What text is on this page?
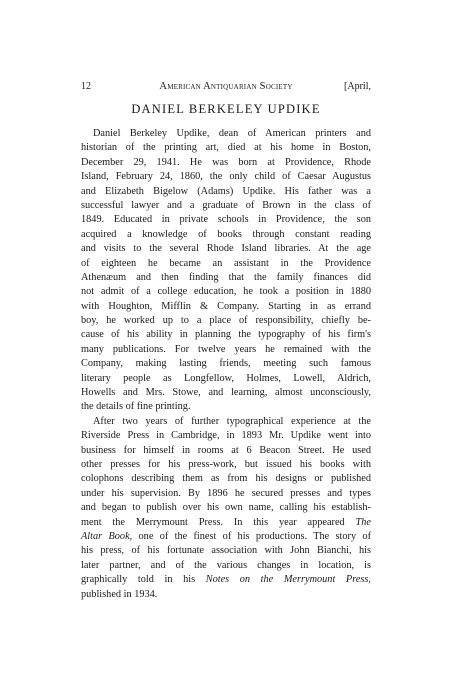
12	American Antiquarian Society	[April,
DANIEL BERKELEY UPDIKE
Daniel Berkeley Updike, dean of American printers and
historian of the printing art, died at his home in Boston,
December 29, 1941. He was born at Providence, Rhode
Island, February 24, 1860, the only child of Caesar Augustus
and Elizabeth Bigelow (Adams) Updike. His father was a
successful lawyer and a graduate of Brown in the class of
1849. Educated in private schools in Providence, the son
acquired a knowledge of books through constant reading
and visits to the several Rhode Island libraries. At the age
of eighteen he became an assistant in the Providence
Athenæum and then finding that the family finances did
not admit of a college education, he took a position in 1880
with Houghton, Mifflin & Company. Starting in as errand
boy, he worked up to a place of responsibility, chiefly be-
cause of his ability in planning the typography of his firm's
many publications. For twelve years he remained with the
Company, making lasting friends, meeting such famous
literary people as Longfellow, Holmes, Lowell, Aldrich,
Howells and Mrs. Stowe, and learning, almost unconsciously,
the details of fine printing.
After two years of further typographical experience at the
Riverside Press in Cambridge, in 1893 Mr. Updike went into
business for himself in rooms at 6 Beacon Street. He used
other presses for his press-work, but issued his books with
colophons describing them as from his designs or published
under his supervision. By 1896 he secured presses and types
and began to publish over his own name, calling his establish-
ment the Merrymount Press. In this year appeared The
Altar Book, one of the finest of his productions. The story of
his press, of his fortunate association with John Bianchi, his
later partner, and of the various changes in location, is
graphically told in his Notes on the Merrymount Press,
published in 1934.
